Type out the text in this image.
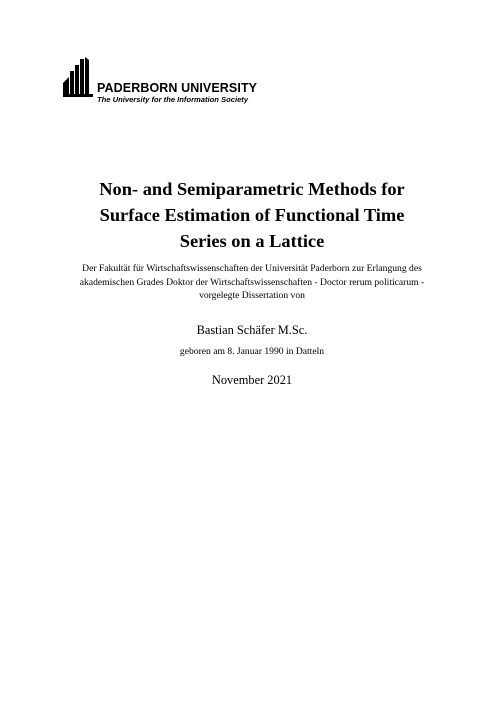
PADERBORN UNIVERSITY
The University for the Information Society
Non- and Semiparametric Methods for
Surface Estimation of Functional Time
Series on a Lattice
Der Fakultät für Wirtschaftswissenschaften der Universität Paderborn zur Erlangung des
akademischen Grades Doktor der Wirtschaftswissenschaften - Doctor rerum politicarum -
vorgelegte Dissertation von
Bastian Schäfer M.Sc.
geboren am 8. Januar 1990 in Datteln
November 2021
